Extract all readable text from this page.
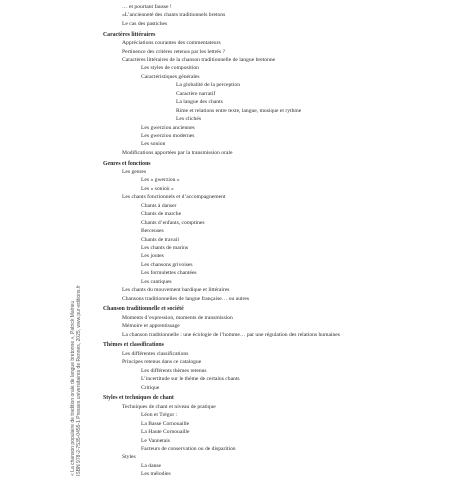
… et pourtant fausse !
«L’ancienneté des chants traditionnels bretons
Le cas des pastiches
Caractères littéraires
Appréciations courantes des commentateurs
Pertinence des critères retenus par les lettrés ?
Caractères littéraires de la chanson traditionnelle de langue bretonne
Les styles de composition
Caractéristiques générales
La globalité de la perception
Caractère narratif
La langue des chants
Rime et relations entre texte, langue, musique et rythme
Les clichés
Les gwerziou anciennes
Les gwerziou modernes
Les sonion
Modifications apportées par la transmission orale
Genres et fonctions
Les genres
Les « gwerziou »
Les « sonioù »
Les chants fonctionnels et d’accompagnement
Chants à danser
Chants de marche
Chants d’enfants, comptines
Berceuses
Chants de travail
Les chants de marins
Les joutes
Les chansons grivoises
Les formulettes chantées
Les cantiques
Les chants du mouvement bardique et littéraires
Chansons traditionnelles de langue française… ou autres
Chanson traditionnelle et société
Moments d’expression, moments de transmission
Mémoire et apprentissage
La chanson traditionnelle : une écologie de l’homme… par une régulation des relations humaines
Thèmes et classifications
Les différentes classifications
Principes retenus dans ce catalogue
Les différents thèmes retenus
L’incertitude sur le thème de certains chants
Critique
Styles et techniques de chant
Techniques de chant et niveau de pratique
Léon et Trégor :
La Basse Cornouaille
La Haute Cornouaille
Le Vannetais
Facteurs de conservation ou de disparition
Styles
La danse
Les mélodies
« La chanson populaire de tradition orale de langue bretonne », Patrick Malrieu ISBN 978-2-7535-0455-1 Presses universitaires de Rennes, 2025, www.pur-editions.fr
